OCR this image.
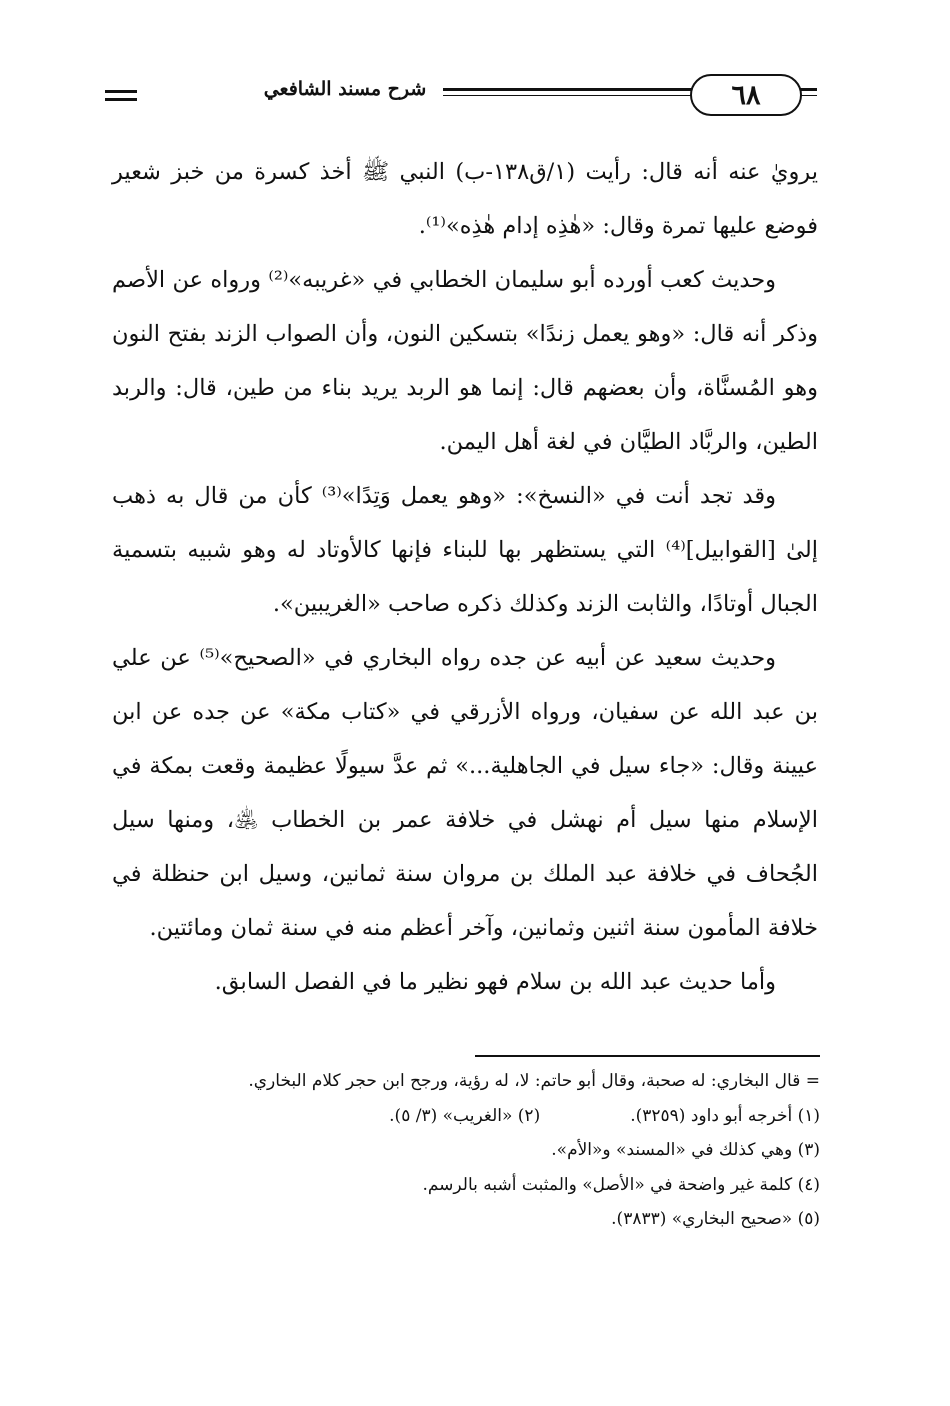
٦٨
شرح مسند الشافعي

يرويٰ عنه أنه قال: رأيت (١/ق١٣٨-ب) النبي ﷺ أخذ كسرة من خبز شعير فوضع عليها تمرة وقال: «هٰذِه إدام هٰذِه»⁽¹⁾.

وحديث كعب أورده أبو سليمان الخطابي في «غريبه»⁽²⁾ ورواه عن الأصم وذكر أنه قال: «وهو يعمل زندًا» بتسكين النون، وأن الصواب الزند بفتح النون وهو المُسنَّاة، وأن بعضهم قال: إنما هو الربد يريد بناء من طين، قال: والربد الطين، والربَّاد الطيَّان في لغة أهل اليمن.

وقد تجد أنت في «النسخ»: «وهو يعمل وَتِدًا»⁽³⁾ كأن من قال به ذهب إلىٰ [القوابيل]⁽⁴⁾ التي يستظهر بها للبناء فإنها كالأوتاد له وهو شبيه بتسمية الجبال أوتادًا، والثابت الزند وكذلك ذكره صاحب «الغريبين».

وحديث سعيد عن أبيه عن جده رواه البخاري في «الصحيح»⁽⁵⁾ عن علي بن عبد الله عن سفيان، ورواه الأزرقي في «كتاب مكة» عن جده عن ابن عيينة وقال: «جاء سيل في الجاهلية...» ثم عدَّ سيولًا عظيمة وقعت بمكة في الإسلام منها سيل أم نهشل في خلافة عمر بن الخطاب ﵁، ومنها سيل الجُحاف في خلافة عبد الملك بن مروان سنة ثمانين، وسيل ابن حنظلة في خلافة المأمون سنة اثنين وثمانين، وآخر أعظم منه في سنة ثمان ومائتين.

وأما حديث عبد الله بن سلام فهو نظير ما في الفصل السابق.

= قال البخاري: له صحبة، وقال أبو حاتم: لا، له رؤية، ورجح ابن حجر كلام البخاري.
(١) أخرجه أبو داود (٣٢٥٩).
(٢) «الغريب» (٣/ ٥).
(٣) وهي كذلك في «المسند» و«الأم».
(٤) كلمة غير واضحة في «الأصل» والمثبت أشبه بالرسم.
(٥) «صحيح البخاري» (٣٨٣٣).
